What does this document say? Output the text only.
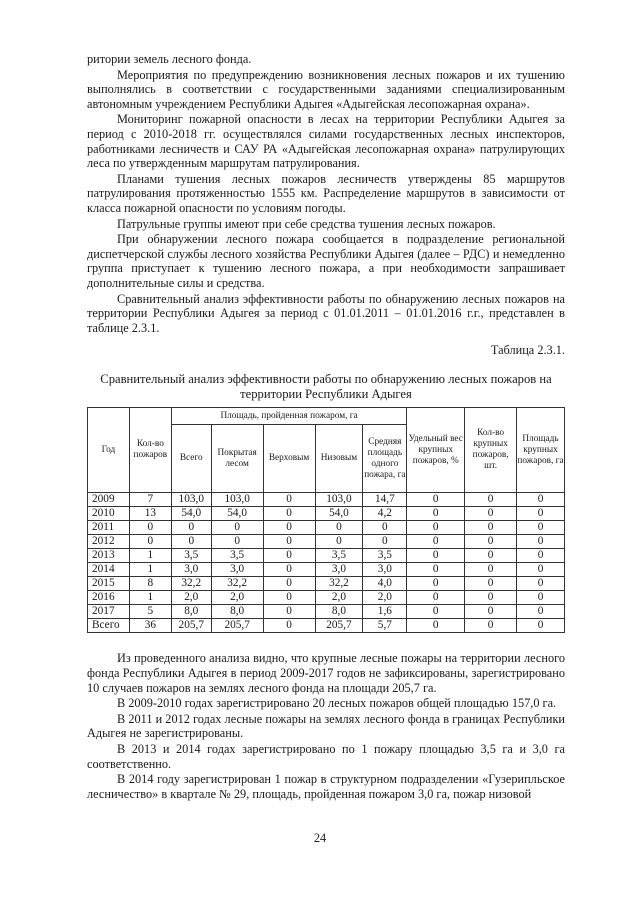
ритории земель лесного фонда.

Мероприятия по предупреждению возникновения лесных пожаров и их тушению выполнялись в соответствии с государственными заданиями специализированным автономным учреждением Республики Адыгея «Адыгейская лесопожарная охрана».

Мониторинг пожарной опасности в лесах на территории Республики Адыгея за период с 2010-2018 гг. осуществлялся силами государственных лесных инспекторов, работниками лесничеств и САУ РА «Адыгейская лесопожарная охрана» патрулирующих леса по утвержденным маршрутам патрулирования.

Планами тушения лесных пожаров лесничеств утверждены 85 маршрутов патрулирования протяженностью 1555 км. Распределение маршрутов в зависимости от класса пожарной опасности по условиям погоды.

Патрульные группы имеют при себе средства тушения лесных пожаров.

При обнаружении лесного пожара сообщается в подразделение региональной диспетчерской службы лесного хозяйства Республики Адыгея (далее – РДС) и немедленно группа приступает к тушению лесного пожара, а при необходимости запрашивает дополнительные силы и средства.

Сравнительный анализ эффективности работы по обнаружению лесных пожаров на территории Республики Адыгея за период с 01.01.2011 – 01.01.2016 г.г., представлен в таблице 2.3.1.

Таблица 2.3.1.
Сравнительный анализ эффективности работы по обнаружению лесных пожаров на
территории Республики Адыгея
Год	Кол-во пожаров	Площадь, пройденная пожаром, га					Удельный вес крупных пожаров, %	Кол-во крупных пожаров, шт.	Площадь крупных пожаров, га
		Всего	Покрытая лесом	Верховым	Низовым	Средняя площадь одного пожара, га			
2009	7	103,0	103,0	0	103,0	14,7	0	0	0
2010	13	54,0	54,0	0	54,0	4,2	0	0	0
2011	0	0	0	0	0	0	0	0	0
2012	0	0	0	0	0	0	0	0	0
2013	1	3,5	3,5	0	3,5	3,5	0	0	0
2014	1	3,0	3,0	0	3,0	3,0	0	0	0
2015	8	32,2	32,2	0	32,2	4,0	0	0	0
2016	1	2,0	2,0	0	2,0	2,0	0	0	0
2017	5	8,0	8,0	0	8,0	1,6	0	0	0
Всего	36	205,7	205,7	0	205,7	5,7	0	0	0

Из проведенного анализа видно, что крупные лесные пожары на территории лесного фонда Республики Адыгея в период 2009-2017 годов не зафиксированы, зарегистрировано 10 случаев пожаров на землях лесного фонда на площади 205,7 га.

В 2009-2010 годах зарегистрировано 20 лесных пожаров общей площадью 157,0 га.

В 2011 и 2012 годах лесные пожары на землях лесного фонда в границах Республики Адыгея не зарегистрированы.

В 2013 и 2014 годах зарегистрировано по 1 пожару площадью 3,5 га и 3,0 га соответственно.

В 2014 году зарегистрирован 1 пожар в структурном подразделении «Гузерипльское лесничество» в квартале № 29, площадь, пройденная пожаром 3,0 га, пожар низовой

24
